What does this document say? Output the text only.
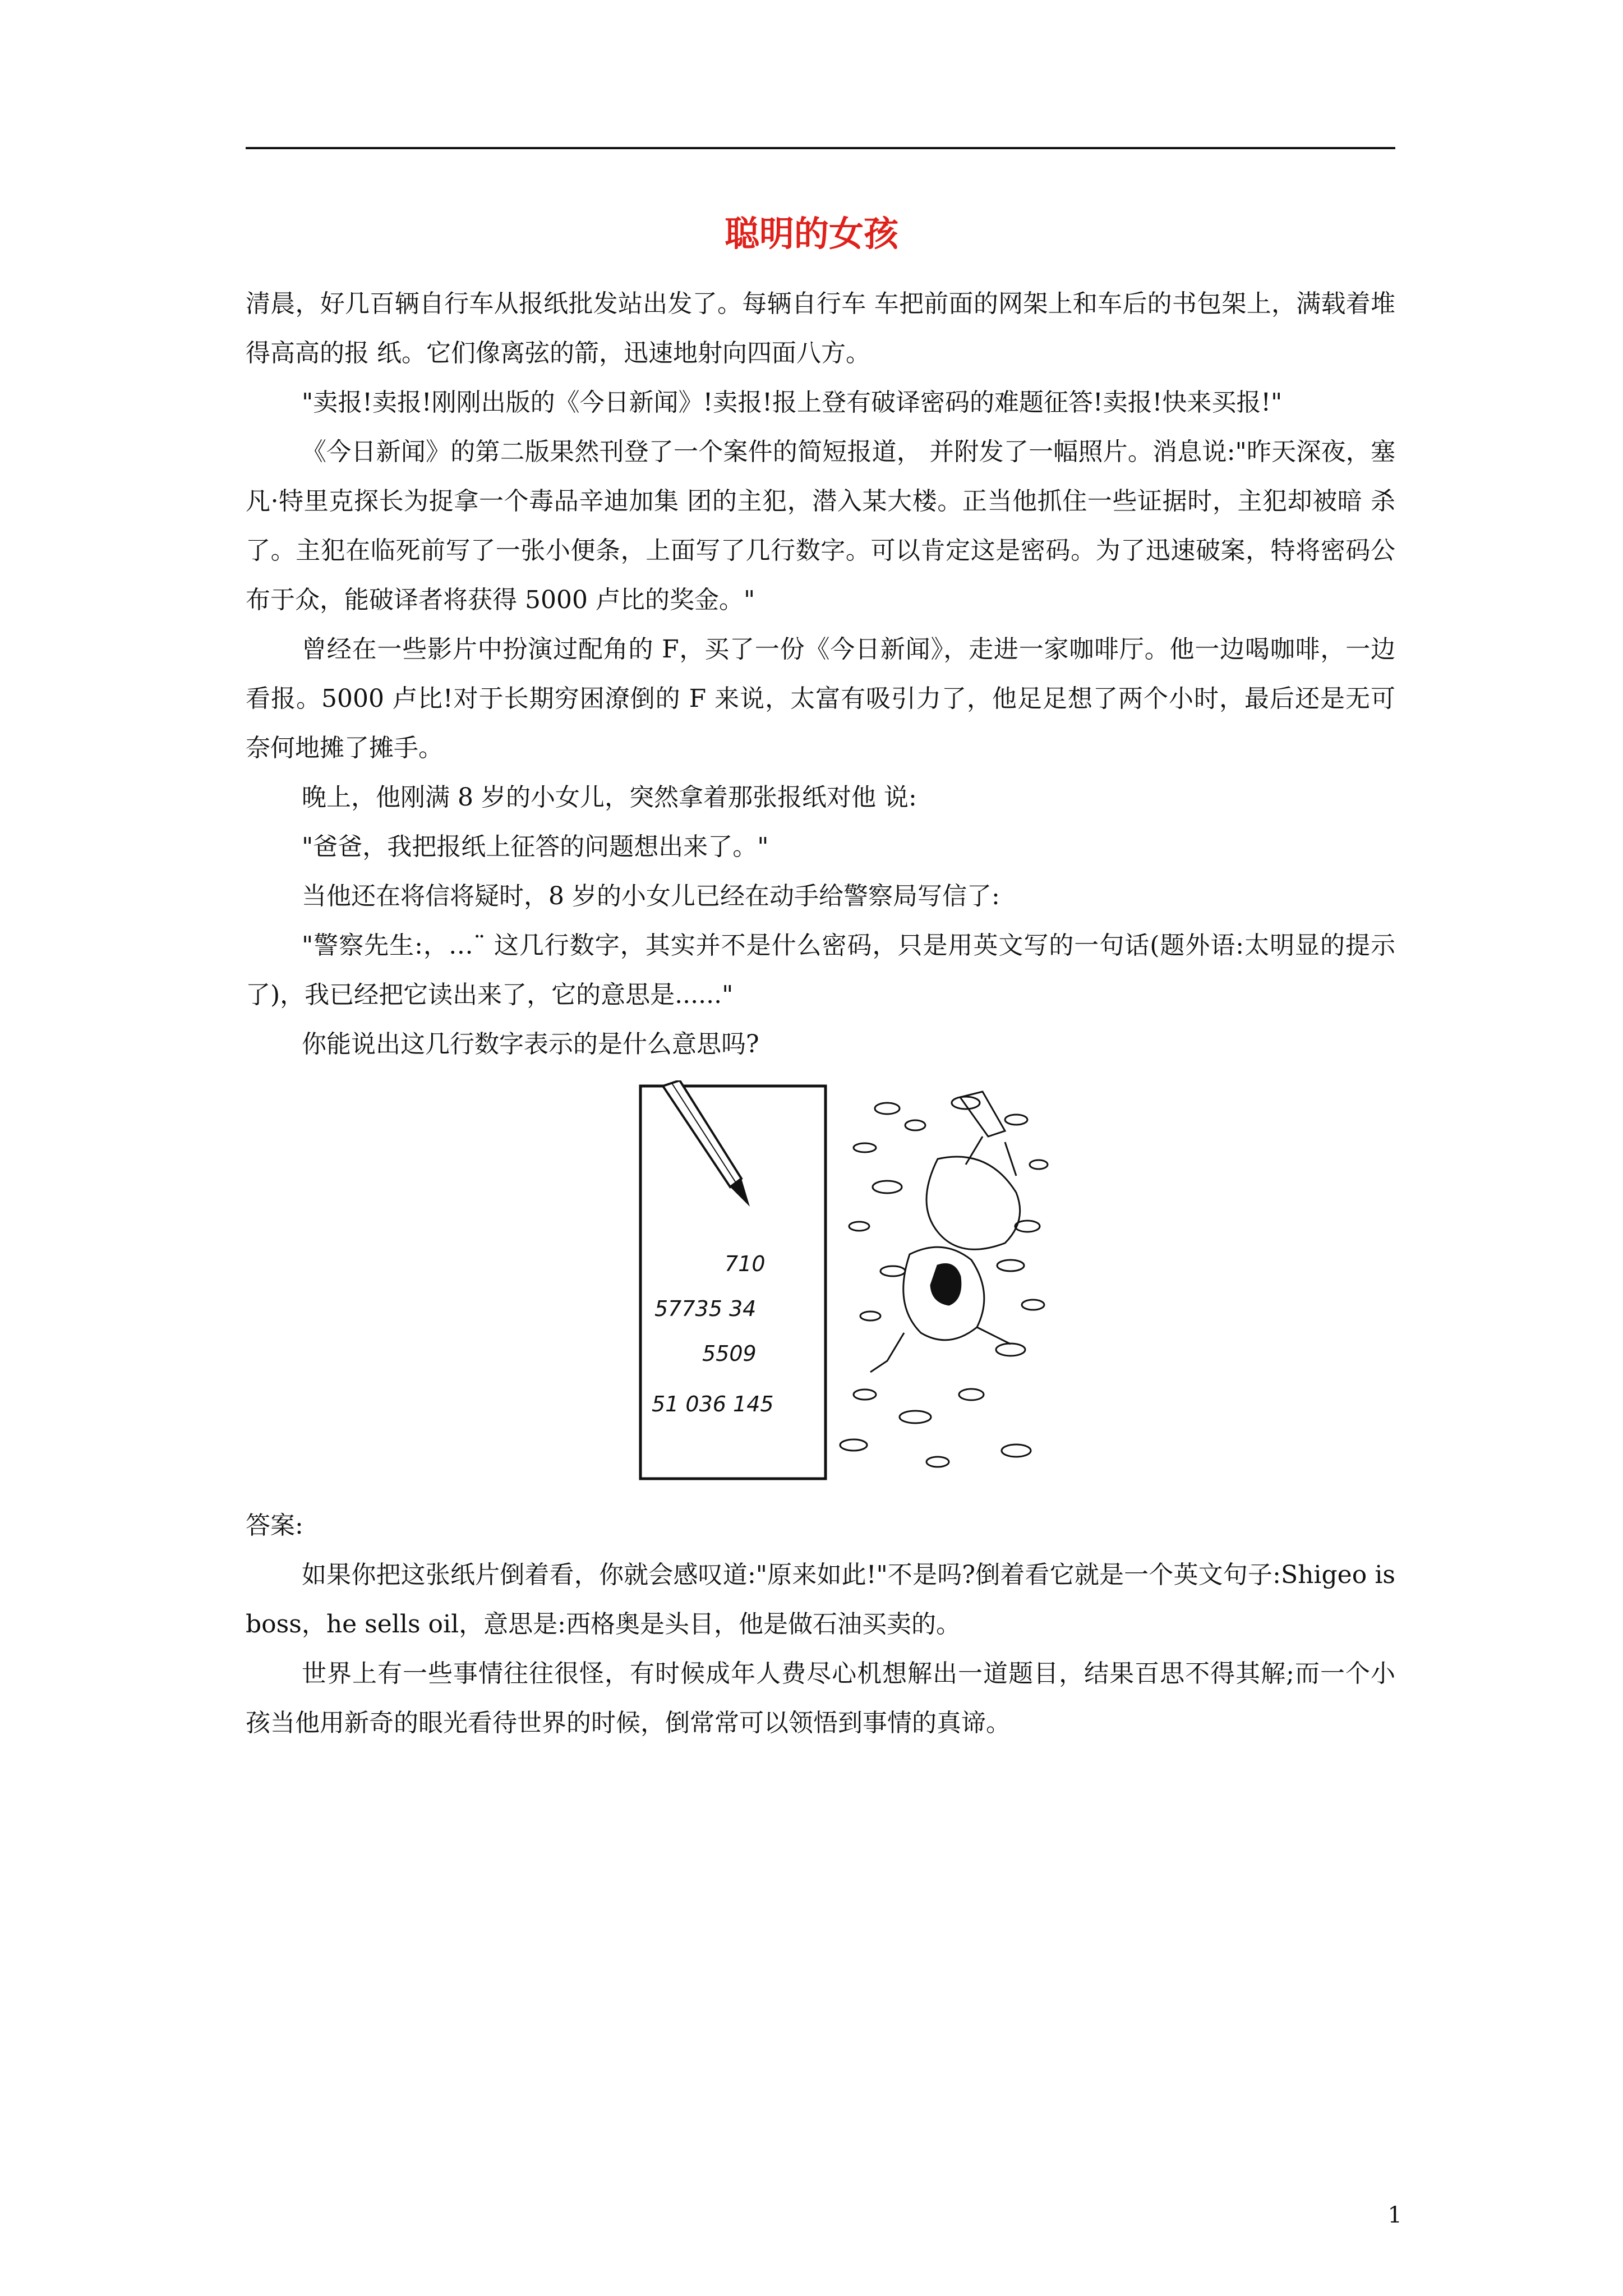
聪明的女孩

清晨，好几百辆自行车从报纸批发站出发了。每辆自行车 车把前面的网架上和车后的书包架上，满载着堆得高高的报 纸。它们像离弦的箭，迅速地射向四面八方。

"卖报!卖报!刚刚出版的《今日新闻》!卖报!报上登有破译密码的难题征答!卖报!快来买报!"

《今日新闻》的第二版果然刊登了一个案件的简短报道， 并附发了一幅照片。消息说:"昨天深夜，塞凡·特里克探长为捉拿一个毒品辛迪加集 团的主犯，潜入某大楼。正当他抓住一些证据时，主犯却被暗 杀了。主犯在临死前写了一张小便条，上面写了几行数字。可以肯定这是密码。为了迅速破案，特将密码公布于众，能破译者将获得 5000 卢比的奖金。"

曾经在一些影片中扮演过配角的 F，买了一份《今日新闻》，走进一家咖啡厅。他一边喝咖啡，一边看报。5000 卢比!对于长期穷困潦倒的 F 来说，太富有吸引力了，他足足想了两个小时，最后还是无可奈何地摊了摊手。

晚上，他刚满 8 岁的小女儿，突然拿着那张报纸对他 说:

"爸爸，我把报纸上征答的问题想出来了。"

当他还在将信将疑时，8 岁的小女儿已经在动手给警察局写信了:

"警察先生:，…¨ 这几行数字，其实并不是什么密码，只是用英文写的一句话(题外语:太明显的提示了)，我已经把它读出来了，它的意思是......"

你能说出这几行数字表示的是什么意思吗?

710
57735 34
5509
51 036 145

答案:

如果你把这张纸片倒着看，你就会感叹道:"原来如此!"不是吗?倒着看它就是一个英文句子:Shigeo is boss，he sells oil，意思是:西格奥是头目，他是做石油买卖的。

世界上有一些事情往往很怪，有时候成年人费尽心机想解出一道题目，结果百思不得其解;而一个小孩当他用新奇的眼光看待世界的时候，倒常常可以领悟到事情的真谛。

1
